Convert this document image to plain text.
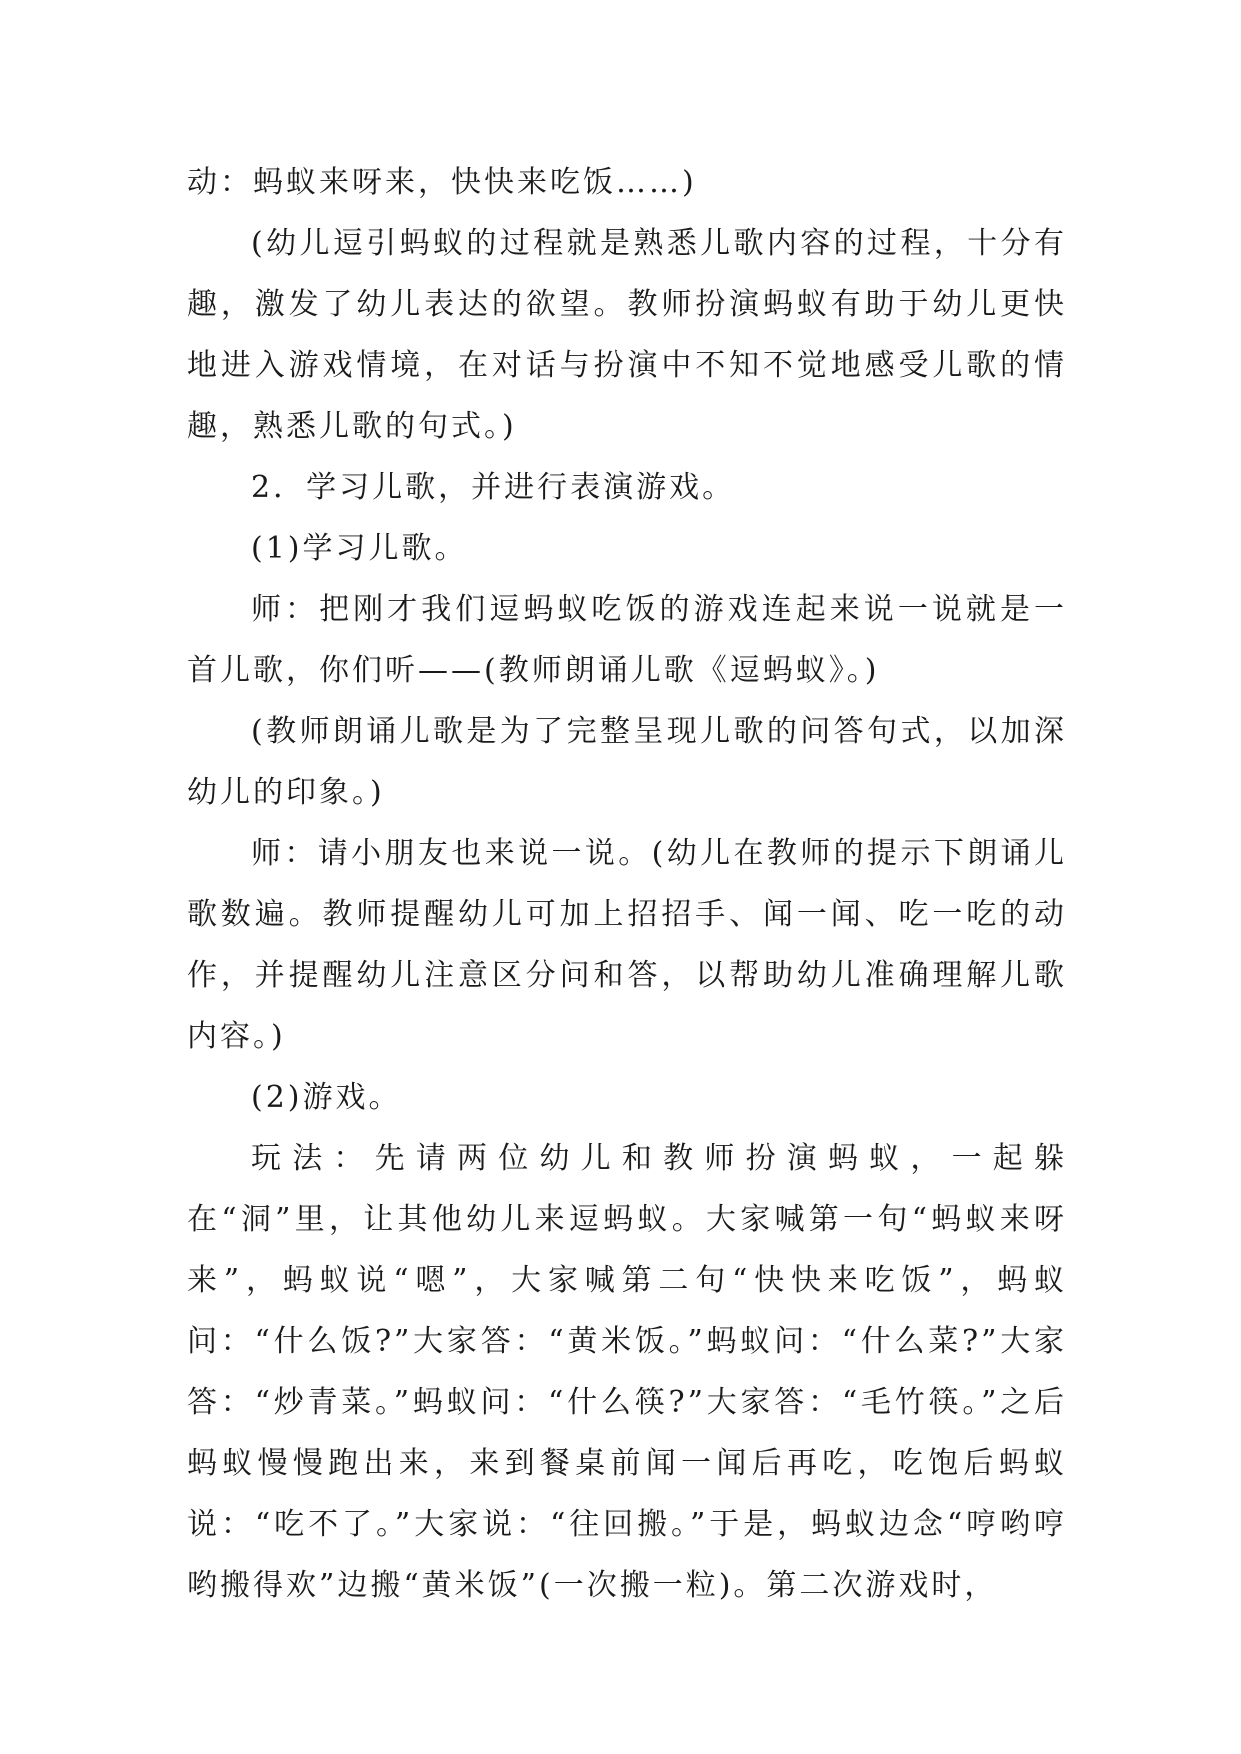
动：蚂蚁来呀来，快快来吃饭……)

(幼儿逗引蚂蚁的过程就是熟悉儿歌内容的过程，十分有趣，激发了幼儿表达的欲望。教师扮演蚂蚁有助于幼儿更快地进入游戏情境，在对话与扮演中不知不觉地感受儿歌的情趣，熟悉儿歌的句式。)

2．学习儿歌，并进行表演游戏。

(1)学习儿歌。

师：把刚才我们逗蚂蚁吃饭的游戏连起来说一说就是一首儿歌，你们听——(教师朗诵儿歌《逗蚂蚁》。)

(教师朗诵儿歌是为了完整呈现儿歌的问答句式，以加深幼儿的印象。)

师：请小朋友也来说一说。(幼儿在教师的提示下朗诵儿歌数遍。教师提醒幼儿可加上招招手、闻一闻、吃一吃的动作，并提醒幼儿注意区分问和答，以帮助幼儿准确理解儿歌内容。)

(2)游戏。

玩法：先请两位幼儿和教师扮演蚂蚁，一起躲在“洞”里，让其他幼儿来逗蚂蚁。大家喊第一句“蚂蚁来呀来”，蚂蚁说“嗯”，大家喊第二句“快快来吃饭”，蚂蚁问：“什么饭?”大家答：“黄米饭。”蚂蚁问：“什么菜?”大家答：“炒青菜。”蚂蚁问：“什么筷?”大家答：“毛竹筷。”之后蚂蚁慢慢跑出来，来到餐桌前闻一闻后再吃，吃饱后蚂蚁说：“吃不了。”大家说：“往回搬。”于是，蚂蚁边念“哼哟哼哟搬得欢”边搬“黄米饭”(一次搬一粒)。第二次游戏时，
